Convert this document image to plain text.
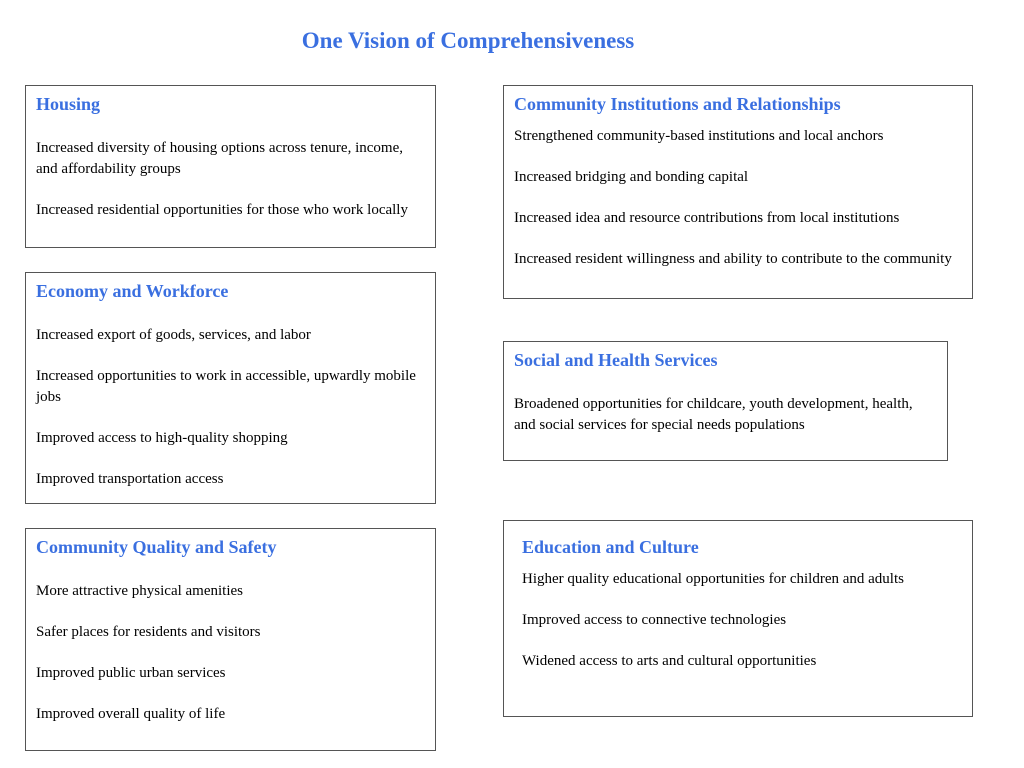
One Vision of Comprehensiveness
Housing
Increased diversity of housing options across tenure, income, and affordability groups
Increased residential opportunities for those who work locally
Economy and Workforce
Increased export of goods, services, and labor
Increased opportunities to work in accessible, upwardly mobile jobs
Improved access to high-quality shopping
Improved transportation access
Community Quality and Safety
More attractive physical amenities
Safer places for residents and visitors
Improved public urban services
Improved overall quality of life
Community Institutions and Relationships
Strengthened community-based institutions and local anchors
Increased bridging and bonding capital
Increased idea and resource contributions from local institutions
Increased resident willingness and ability to contribute to the community
Social and Health Services
Broadened opportunities for childcare, youth development, health, and social services for special needs populations
Education and Culture
Higher quality educational opportunities for children and adults
Improved access to connective technologies
Widened access to arts and cultural opportunities
